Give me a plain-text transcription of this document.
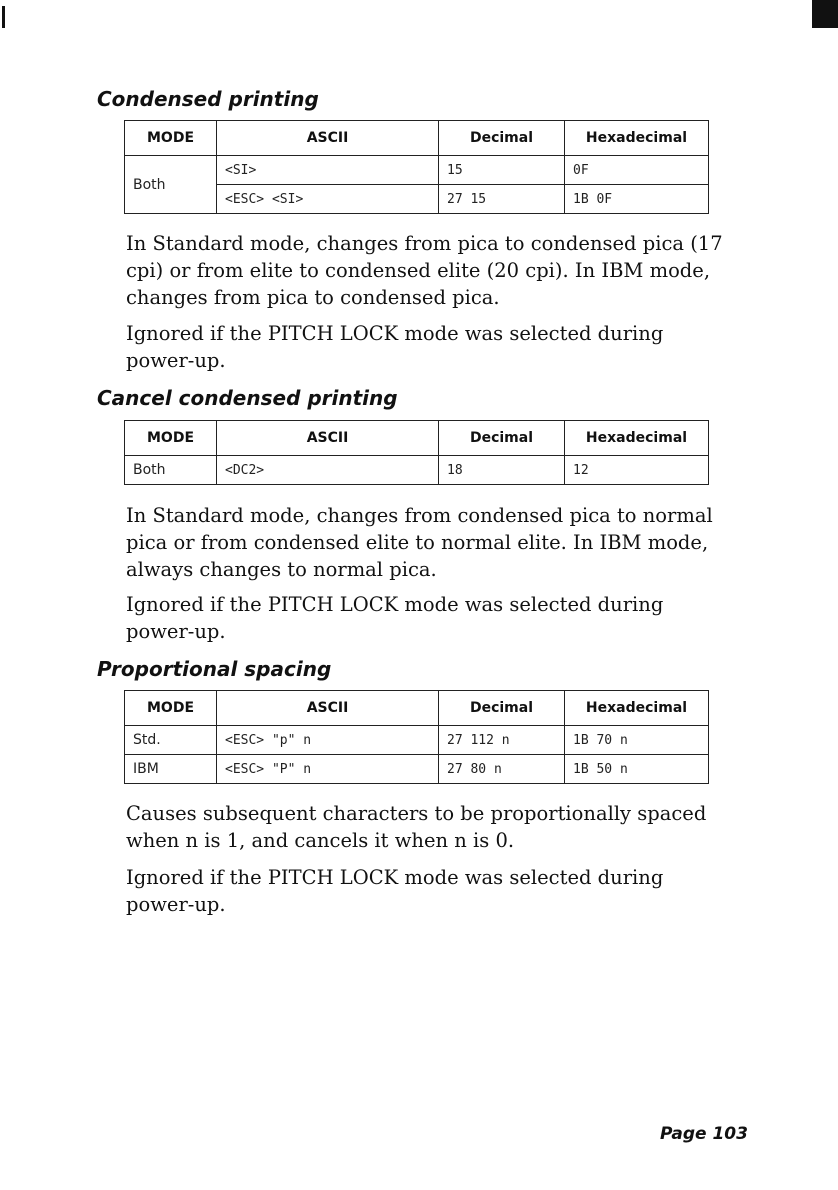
Condensed printing
MODE	ASCII	Decimal	Hexadecimal
Both	<SI>	15	0F
	<ESC> <SI>	27 15	1B 0F

In Standard mode, changes from pica to condensed pica (17 cpi) or from elite to condensed elite (20 cpi). In IBM mode, changes from pica to condensed pica.

Ignored if the PITCH LOCK mode was selected during power-up.

Cancel condensed printing
MODE	ASCII	Decimal	Hexadecimal
Both	<DC2>	18	12

In Standard mode, changes from condensed pica to normal pica or from condensed elite to normal elite. In IBM mode, always changes to normal pica.

Ignored if the PITCH LOCK mode was selected during power-up.

Proportional spacing
MODE	ASCII	Decimal	Hexadecimal
Std.	<ESC> "p" n	27 112 n	1B 70 n
IBM	<ESC> "P" n	27 80 n	1B 50 n

Causes subsequent characters to be proportionally spaced when n is 1, and cancels it when n is 0.

Ignored if the PITCH LOCK mode was selected during power-up.

Page 103
